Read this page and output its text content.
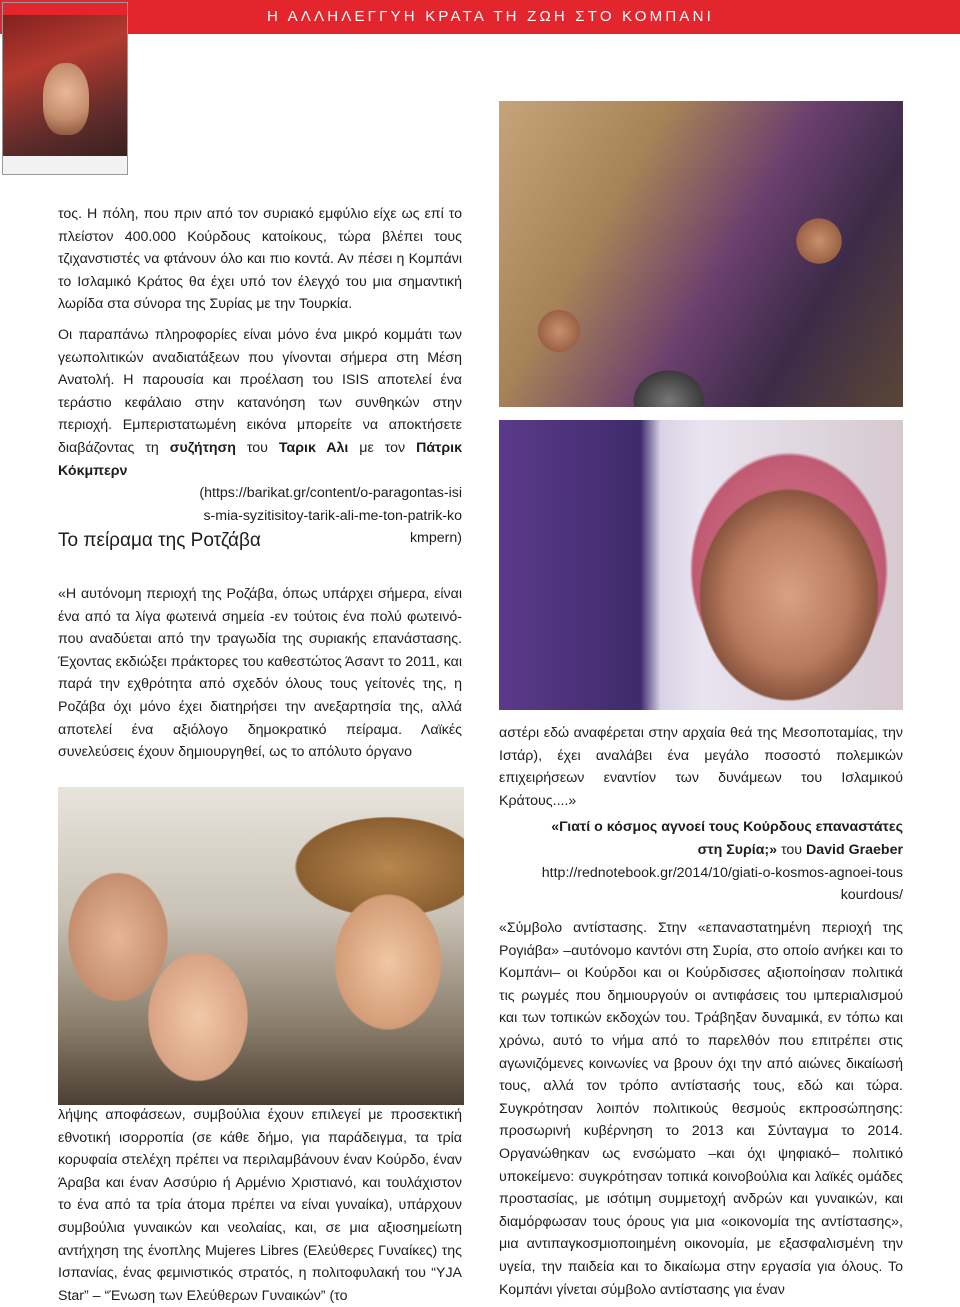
Η ΑΛΛΗΛΕΓΓΥΗ ΚΡΑΤΑ ΤΗ ΖΩΗ ΣΤΟ ΚΟΜΠΑΝΙ

τος. Η πόλη, που πριν από τον συριακό εμφύλιο είχε ως επί το πλείστον 400.000 Κούρδους κατοίκους, τώρα βλέπει τους τζιχανστιστές να φτάνουν όλο και πιο κοντά. Αν πέσει η Κομπάνι το Ισλαμικό Κράτος θα έχει υπό τον έλεγχό του μια σημαντική λωρίδα στα σύνορα της Συρίας με την Τουρκία.

Οι παραπάνω πληροφορίες είναι μόνο ένα μικρό κομμάτι των γεωπολιτικών αναδιατάξεων που γίνονται σήμερα στη Μέση Ανατολή. Η παρουσία και προέλαση του ISIS αποτελεί ένα τεράστιο κεφάλαιο στην κατανόηση των συνθηκών στην περιοχή. Εμπεριστατωμένη εικόνα μπορείτε να αποκτήσετε διαβάζοντας τη συζήτηση του Ταρικ Αλι με τον Πάτρικ Κόκμπερν

(https://barikat.gr/content/o-paragontas-isis-mia-syzitisitoy-tarik-ali-me-ton-patrik-kokmpern)

Το πείραμα της Ροτζάβα

«Η αυτόνομη περιοχή της Ροζάβα, όπως υπάρχει σήμερα, είναι ένα από τα λίγα φωτεινά σημεία -εν τούτοις ένα πολύ φωτεινό- που αναδύεται από την τραγωδία της συριακής επανάστασης. Έχοντας εκδιώξει πράκτορες του καθεστώτος Άσαντ το 2011, και παρά την εχθρότητα από σχεδόν όλους τους γείτονές της, η Ροζάβα όχι μόνο έχει διατηρήσει την ανεξαρτησία της, αλλά αποτελεί ένα αξιόλογο δημοκρατικό πείραμα. Λαϊκές συνελεύσεις έχουν δημιουργηθεί, ως το απόλυτο όργανο

λήψης αποφάσεων, συμβούλια έχουν επιλεγεί με προσεκτική εθνοτική ισορροπία (σε κάθε δήμο, για παράδειγμα, τα τρία κορυφαία στελέχη πρέπει να περιλαμβάνουν έναν Κούρδο, έναν Άραβα και έναν Ασσύριο ή Αρμένιο Χριστιανό, και τουλάχιστον το ένα από τα τρία άτομα πρέπει να είναι γυναίκα), υπάρχουν συμβούλια γυναικών και νεολαίας, και, σε μια αξιοσημείωτη αντήχηση της ένοπλης Mujeres Libres (Ελεύθερες Γυναίκες) της Ισπανίας, ένας φεμινιστικός στρατός, η πολιτοφυλακή του “YJA Star” – “Ένωση των Ελεύθερων Γυναικών” (το

αστέρι εδώ αναφέρεται στην αρχαία θεά της Μεσοποταμίας, την Ιστάρ), έχει αναλάβει ένα μεγάλο ποσοστό πολεμικών επιχειρήσεων εναντίον των δυνάμεων του Ισλαμικού Κράτους....»

«Γιατί ο κόσμος αγνοεί τους Κούρδους επαναστάτες στη Συρία;» του David Graeber

http://rednotebook.gr/2014/10/giati-o-kosmos-agnoei-touskourdous/

«Σύμβολο αντίστασης. Στην «επαναστατημένη περιοχή της Ρογιάβα» –αυτόνομο καντόνι στη Συρία, στο οποίο ανήκει και το Κομπάνι– οι Κούρδοι και οι Κούρδισσες αξιοποίησαν πολιτικά τις ρωγμές που δημιουργούν οι αντιφάσεις του ιμπεριαλισμού και των τοπικών εκδοχών του. Τράβηξαν δυναμικά, εν τόπω και χρόνω, αυτό το νήμα από το παρελθόν που επιτρέπει στις αγωνιζόμενες κοινωνίες να βρουν όχι την από αιώνες δικαίωσή τους, αλλά τον τρόπο αντίστασής τους, εδώ και τώρα. Συγκρότησαν λοιπόν πολιτικούς θεσμούς εκπροσώπησης: προσωρινή κυβέρνηση το 2013 και Σύνταγμα το 2014. Οργανώθηκαν ως ενσώματο –και όχι ψηφιακό– πολιτικό υποκείμενο: συγκρότησαν τοπικά κοινοβούλια και λαϊκές ομάδες προστασίας, με ισότιμη συμμετοχή ανδρών και γυναικών, και διαμόρφωσαν τους όρους για μια «οικονομία της αντίστασης», μια αντιπαγκοσμιοποιημένη οικονομία, με εξασφαλισμένη την υγεία, την παιδεία και το δικαίωμα στην εργασία για όλους. Το Κομπάνι γίνεται σύμβολο αντίστασης για έναν
